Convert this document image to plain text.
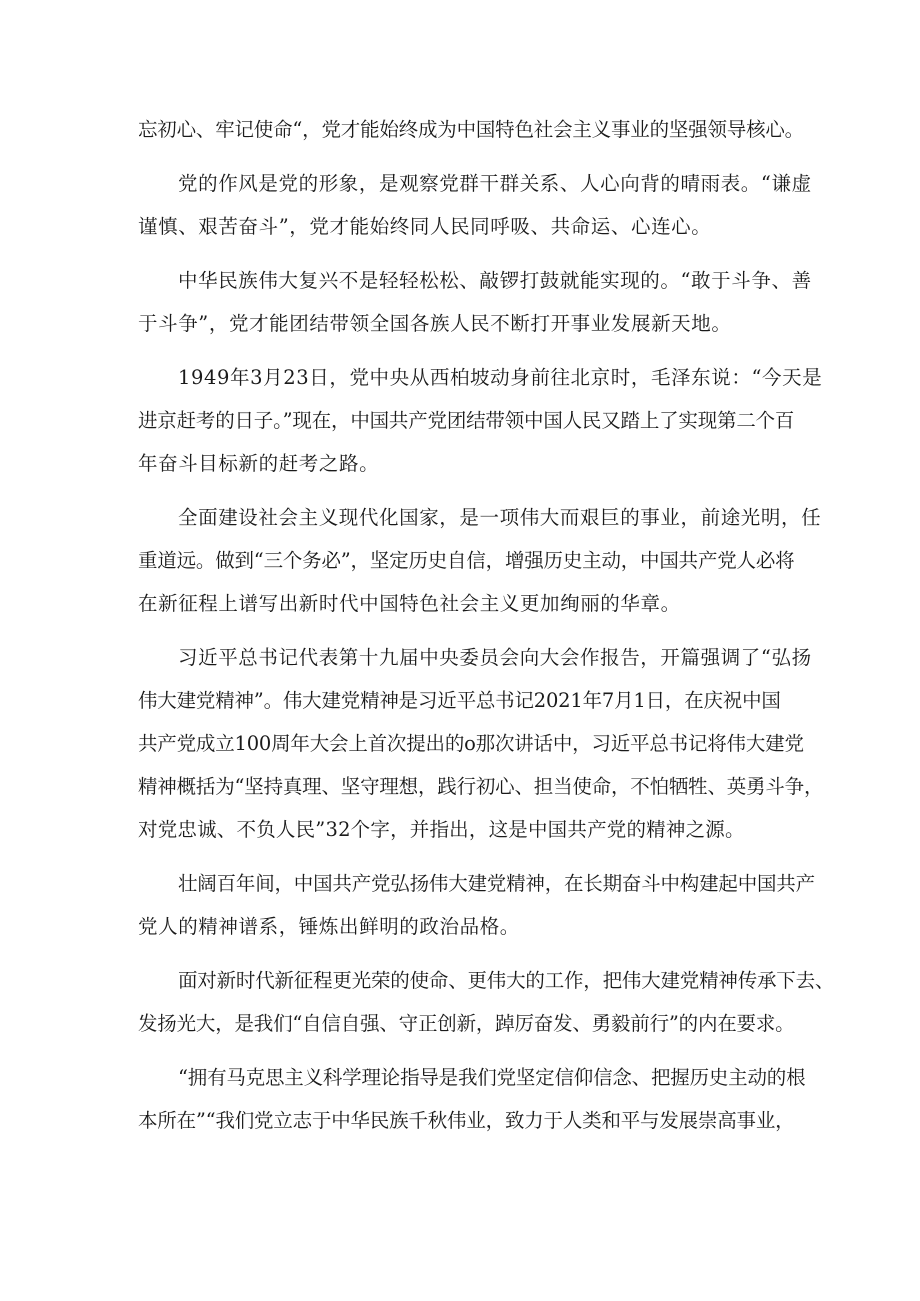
忘初心、牢记使命“，党才能始终成为中国特色社会主义事业的坚强领导核心。
党的作风是党的形象，是观察党群干群关系、人心向背的晴雨表。“谦虚
谨慎、艰苦奋斗”，党才能始终同人民同呼吸、共命运、心连心。
中华民族伟大复兴不是轻轻松松、敲锣打鼓就能实现的。“敢于斗争、善
于斗争”，党才能团结带领全国各族人民不断打开事业发展新天地。
1949年3月23日，党中央从西柏坡动身前往北京时，毛泽东说：“今天是
进京赶考的日子。”现在，中国共产党团结带领中国人民又踏上了实现第二个百
年奋斗目标新的赶考之路。
全面建设社会主义现代化国家，是一项伟大而艰巨的事业，前途光明，任
重道远。做到“三个务必”，坚定历史自信，增强历史主动，中国共产党人必将
在新征程上谱写出新时代中国特色社会主义更加绚丽的华章。
习近平总书记代表第十九届中央委员会向大会作报告，开篇强调了“弘扬
伟大建党精神”。伟大建党精神是习近平总书记2021年7月1日，在庆祝中国
共产党成立100周年大会上首次提出的o那次讲话中，习近平总书记将伟大建党
精神概括为“坚持真理、坚守理想，践行初心、担当使命，不怕牺牲、英勇斗争，
对党忠诚、不负人民”32个字，并指出，这是中国共产党的精神之源。
壮阔百年间，中国共产党弘扬伟大建党精神，在长期奋斗中构建起中国共产
党人的精神谱系，锤炼出鲜明的政治品格。
面对新时代新征程更光荣的使命、更伟大的工作，把伟大建党精神传承下去、
发扬光大，是我们“自信自强、守正创新，踔厉奋发、勇毅前行”的内在要求。
“拥有马克思主义科学理论指导是我们党坚定信仰信念、把握历史主动的根
本所在”“我们党立志于中华民族千秋伟业，致力于人类和平与发展崇高事业，
